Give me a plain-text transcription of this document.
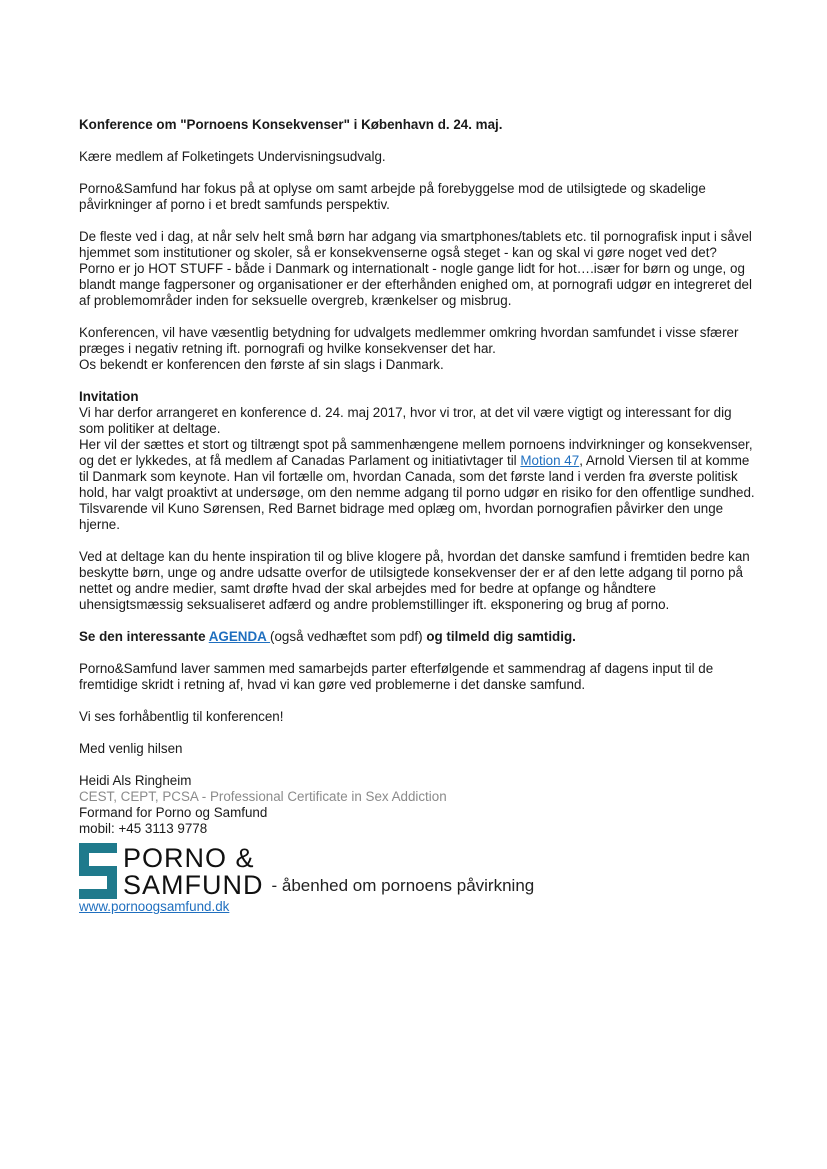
Konference om "Pornoens Konsekvenser" i København d. 24. maj.

Kære medlem af Folketingets Undervisningsudvalg.

Porno&Samfund har fokus på at oplyse om samt arbejde på forebyggelse mod de utilsigtede og skadelige påvirkninger af porno i et bredt samfunds perspektiv.

De fleste ved i dag, at når selv helt små børn har adgang via smartphones/tablets etc. til pornografisk input i såvel hjemmet som institutioner og skoler, så er konsekvenserne også steget - kan og skal vi gøre noget ved det?

Porno er jo HOT STUFF - både i Danmark og internationalt - nogle gange lidt for hot….især for børn og unge, og blandt mange fagpersoner og organisationer er der efterhånden enighed om, at pornografi udgør en integreret del af problemområder inden for seksuelle overgreb, krænkelser og misbrug.

Konferencen, vil have væsentlig betydning for udvalgets medlemmer omkring hvordan samfundet i visse sfærer præges i negativ retning ift. pornografi og hvilke konsekvenser det har.

Os bekendt er konferencen den første af sin slags i Danmark.

Invitation

Vi har derfor arrangeret en konference d. 24. maj 2017, hvor vi tror, at det vil være vigtigt og interessant for dig som politiker at deltage.

Her vil der sættes et stort og tiltrængt spot på sammenhængene mellem pornoens indvirkninger og konsekvenser, og det er lykkedes, at få medlem af Canadas Parlament og initiativtager til Motion 47, Arnold Viersen til at komme til Danmark som keynote. Han vil fortælle om, hvordan Canada, som det første land i verden fra øverste politisk hold, har valgt proaktivt at undersøge, om den nemme adgang til porno udgør en risiko for den offentlige sundhed.

Tilsvarende vil Kuno Sørensen, Red Barnet bidrage med oplæg om, hvordan pornografien påvirker den unge hjerne.

Ved at deltage kan du hente inspiration til og blive klogere på, hvordan det danske samfund i fremtiden bedre kan beskytte børn, unge og andre udsatte overfor de utilsigtede konsekvenser der er af den lette adgang til porno på nettet og andre medier, samt drøfte hvad der skal arbejdes med for bedre at opfange og håndtere uhensigtsmæssig seksualiseret adfærd og andre problemstillinger ift. eksponering og brug af porno.

Se den interessante AGENDA (også vedhæftet som pdf) og tilmeld dig samtidig.

Porno&Samfund laver sammen med samarbejds parter efterfølgende et sammendrag af dagens input til de fremtidige skridt i retning af, hvad vi kan gøre ved problemerne i det danske samfund.

Vi ses forhåbentlig til konferencen!

Med venlig hilsen

Heidi Als Ringheim

CEST, CEPT, PCSA - Professional Certificate in Sex Addiction

Formand for Porno og Samfund

mobil: +45 3113 9778

PORNO &
SAMFUND - åbenhed om pornoens påvirkning

www.pornoogsamfund.dk
